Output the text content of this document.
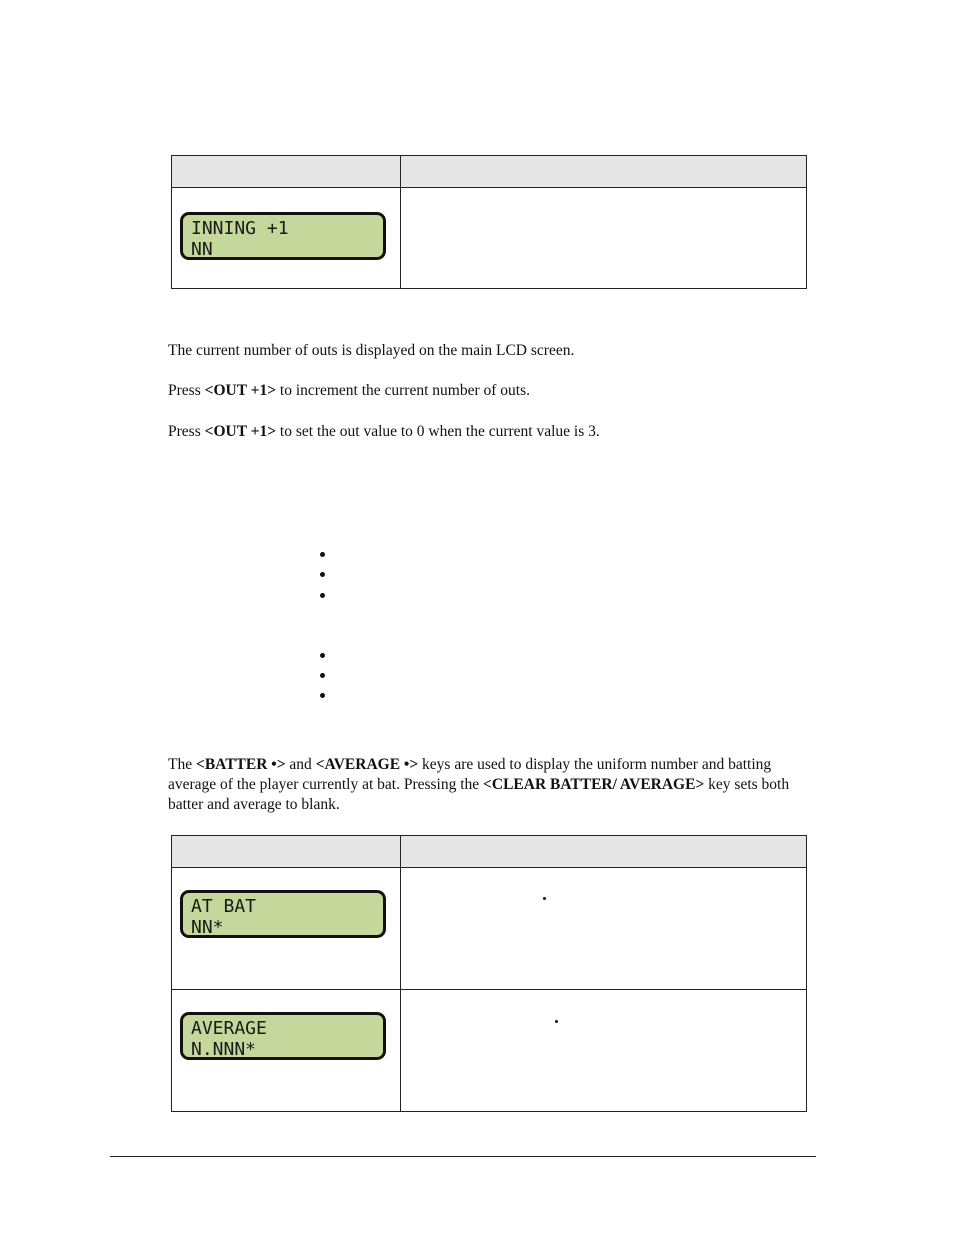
INNING +1
NN	

The current number of outs is displayed on the main LCD screen.

Press <OUT +1> to increment the current number of outs.

Press <OUT +1> to set the out value to 0 when the current value is 3.

The <BATTER •> and <AVERAGE •> keys are used to display the uniform number and batting average of the player currently at bat. Pressing the <CLEAR BATTER/ AVERAGE> key sets both batter and average to blank.

AT BAT
NN*	

AVERAGE
N.NNN*	
